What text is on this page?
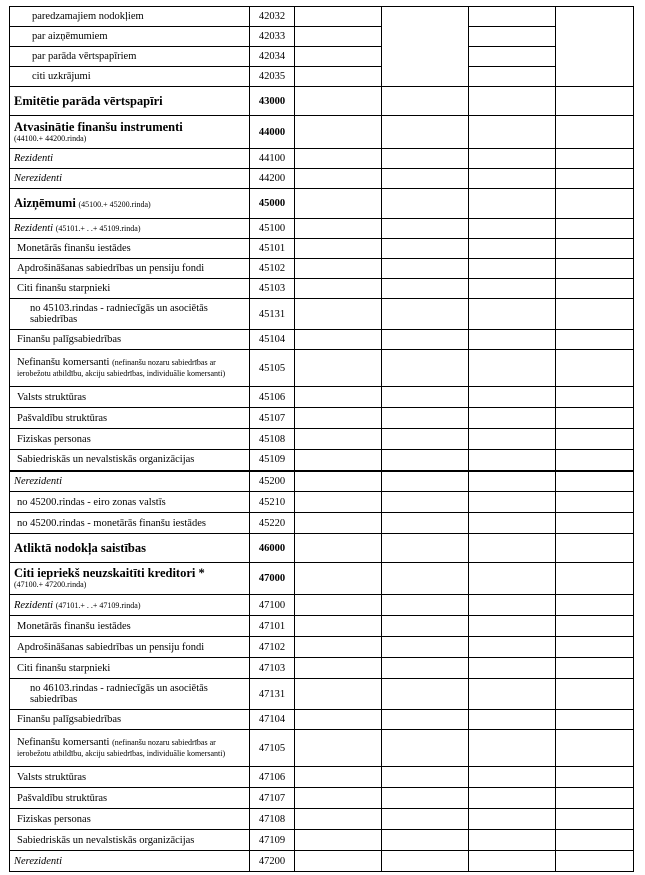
paredzamajiem nodokļiem	42032				
par aizņēmumiem	42033				
par parāda vērtspapīriem	42034				
citi uzkrājumi	42035				
Emitētie parāda vērtspapīri	43000				

Atvasinātie finanšu instrumenti
(44100.+ 44200.rinda)	44000				
Rezidenti	44100				
Nerezidenti	44200				
Aizņēmumi (45100.+ 45200.rinda)	45000				
Rezidenti (45101.+ . .+ 45109.rinda)	45100				
Monetārās finanšu iestādes	45101				
Apdrošināšanas sabiedrības un pensiju fondi	45102				
Citi finanšu starpnieki	45103				
no 45103.rindas - radniecīgās un asociētās sabiedrības	45131				
Finanšu palīgsabiedrības	45104				
Nefinanšu komersanti (nefinanšu nozaru sabiedrības ar ierobežotu atbildību, akciju sabiedrības, individuālie komersanti)	45105				
Valsts struktūras	45106				
Pašvaldību struktūras	45107				
Fiziskas personas	45108				
Sabiedriskās un nevalstiskās organizācijas	45109				
Nerezidenti	45200				
no 45200.rindas - eiro zonas valstīs	45210				
no 45200.rindas - monetārās finanšu iestādes	45220				
Atliktā nodokļa saistības	46000				

Citi iepriekš neuzskaitīti kreditori *
(47100.+ 47200.rinda)	47000				
Rezidenti (47101.+ . .+ 47109.rinda)	47100				
Monetārās finanšu iestādes	47101				
Apdrošināšanas sabiedrības un pensiju fondi	47102				
Citi finanšu starpnieki	47103				
no 46103.rindas - radniecīgās un asociētās sabiedrības	47131				
Finanšu palīgsabiedrības	47104				
Nefinanšu komersanti (nefinanšu nozaru sabiedrības ar ierobežotu atbildību, akciju sabiedrības, individuālie komersanti)	47105				
Valsts struktūras	47106				
Pašvaldību struktūras	47107				
Fiziskas personas	47108				
Sabiedriskās un nevalstiskās organizācijas	47109				
Nerezidenti	47200				
